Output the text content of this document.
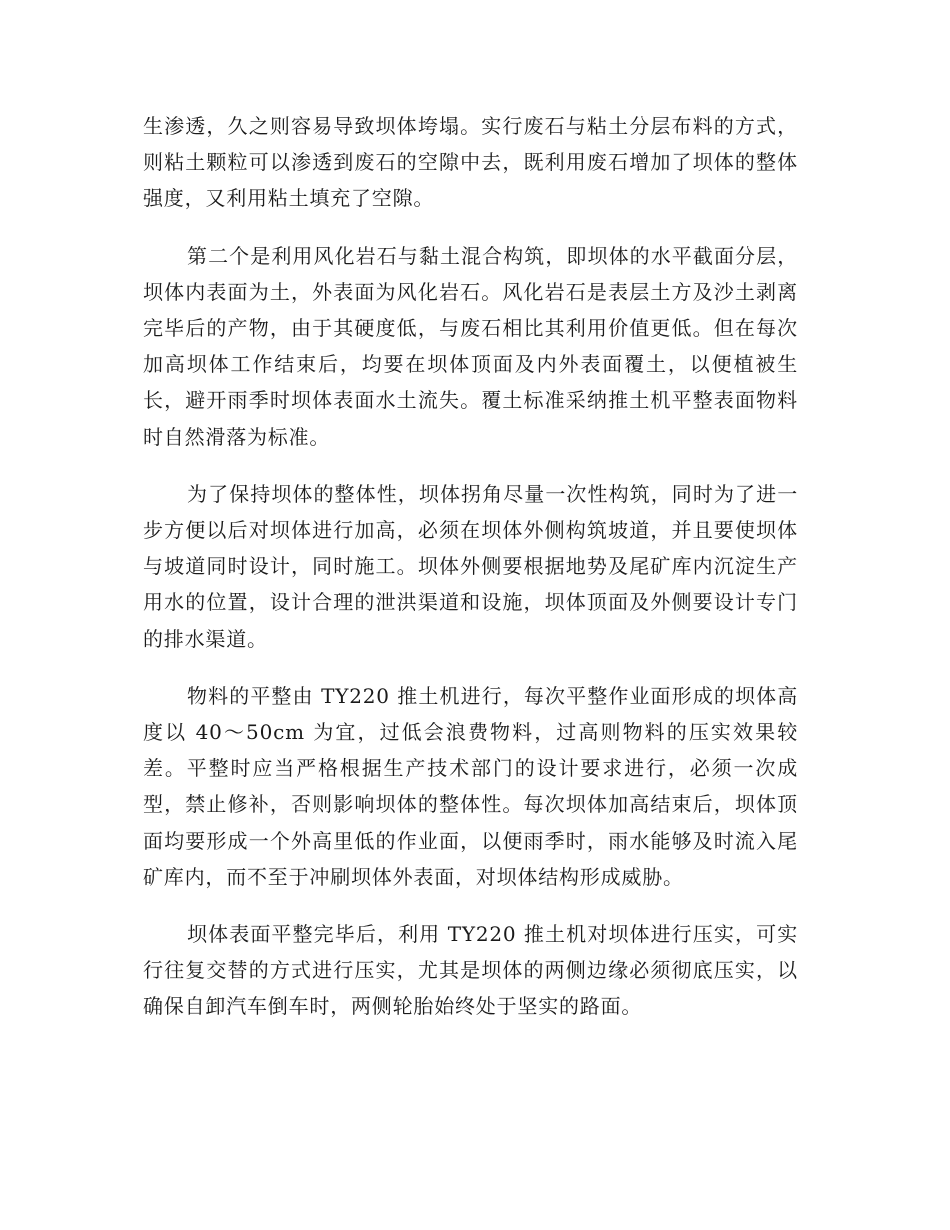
生渗透，久之则容易导致坝体垮塌。实行废石与粘土分层布料的方式，则粘土颗粒可以渗透到废石的空隙中去，既利用废石增加了坝体的整体强度，又利用粘土填充了空隙。

第二个是利用风化岩石与黏土混合构筑，即坝体的水平截面分层，坝体内表面为土，外表面为风化岩石。风化岩石是表层土方及沙土剥离完毕后的产物，由于其硬度低，与废石相比其利用价值更低。但在每次加高坝体工作结束后，均要在坝体顶面及内外表面覆土，以便植被生长，避开雨季时坝体表面水土流失。覆土标准采纳推土机平整表面物料时自然滑落为标准。

为了保持坝体的整体性，坝体拐角尽量一次性构筑，同时为了进一步方便以后对坝体进行加高，必须在坝体外侧构筑坡道，并且要使坝体与坡道同时设计，同时施工。坝体外侧要根据地势及尾矿库内沉淀生产用水的位置，设计合理的泄洪渠道和设施，坝体顶面及外侧要设计专门的排水渠道。

物料的平整由 TY220 推土机进行，每次平整作业面形成的坝体高度以 40～50cm 为宜，过低会浪费物料，过高则物料的压实效果较差。平整时应当严格根据生产技术部门的设计要求进行，必须一次成型，禁止修补，否则影响坝体的整体性。每次坝体加高结束后，坝体顶面均要形成一个外高里低的作业面，以便雨季时，雨水能够及时流入尾矿库内，而不至于冲刷坝体外表面，对坝体结构形成威胁。

坝体表面平整完毕后，利用 TY220 推土机对坝体进行压实，可实行往复交替的方式进行压实，尤其是坝体的两侧边缘必须彻底压实，以确保自卸汽车倒车时，两侧轮胎始终处于坚实的路面。
